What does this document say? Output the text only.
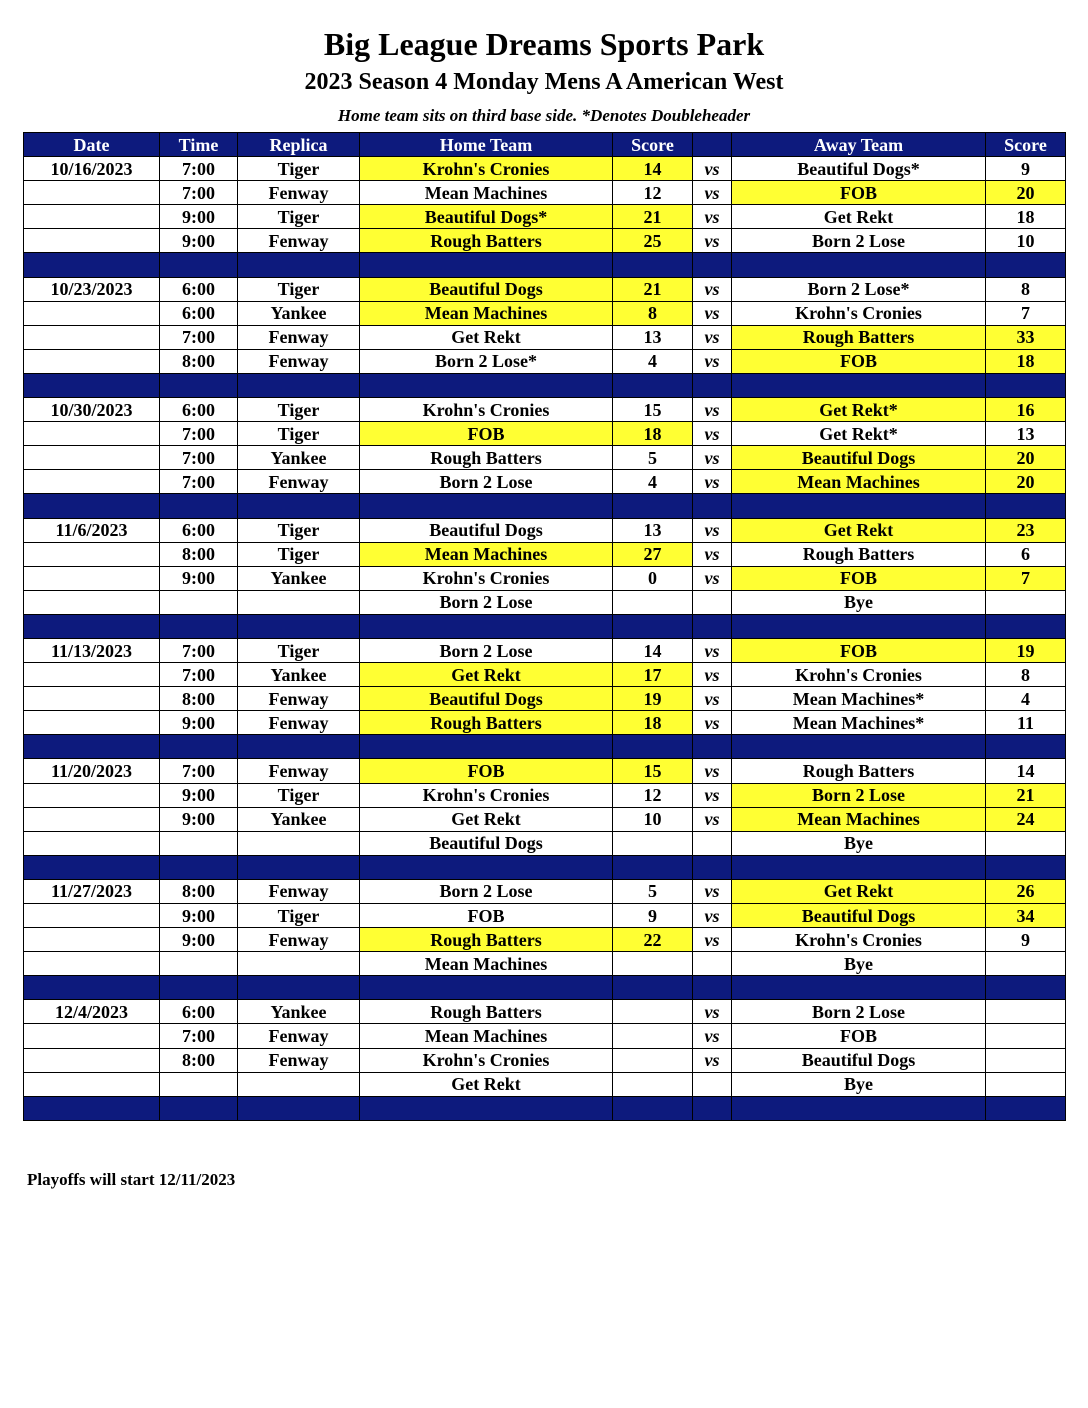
Big League Dreams Sports Park
2023 Season 4 Monday Mens A American West
Home team sits on third base side. *Denotes Doubleheader
Date	Time	Replica	Home Team	Score		Away Team	Score
10/16/2023	7:00	Tiger	Krohn's Cronies	14	vs	Beautiful Dogs*	9
	7:00	Fenway	Mean Machines	12	vs	FOB	20
	9:00	Tiger	Beautiful Dogs*	21	vs	Get Rekt	18
	9:00	Fenway	Rough Batters	25	vs	Born 2 Lose	10

10/23/2023	6:00	Tiger	Beautiful Dogs	21	vs	Born 2 Lose*	8
	6:00	Yankee	Mean Machines	8	vs	Krohn's Cronies	7
	7:00	Fenway	Get Rekt	13	vs	Rough Batters	33
	8:00	Fenway	Born 2 Lose*	4	vs	FOB	18

10/30/2023	6:00	Tiger	Krohn's Cronies	15	vs	Get Rekt*	16
	7:00	Tiger	FOB	18	vs	Get Rekt*	13
	7:00	Yankee	Rough Batters	5	vs	Beautiful Dogs	20
	7:00	Fenway	Born 2 Lose	4	vs	Mean Machines	20

11/6/2023	6:00	Tiger	Beautiful Dogs	13	vs	Get Rekt	23
	8:00	Tiger	Mean Machines	27	vs	Rough Batters	6
	9:00	Yankee	Krohn's Cronies	0	vs	FOB	7
			Born 2 Lose			Bye	

11/13/2023	7:00	Tiger	Born 2 Lose	14	vs	FOB	19
	7:00	Yankee	Get Rekt	17	vs	Krohn's Cronies	8
	8:00	Fenway	Beautiful Dogs	19	vs	Mean Machines*	4
	9:00	Fenway	Rough Batters	18	vs	Mean Machines*	11

11/20/2023	7:00	Fenway	FOB	15	vs	Rough Batters	14
	9:00	Tiger	Krohn's Cronies	12	vs	Born 2 Lose	21
	9:00	Yankee	Get Rekt	10	vs	Mean Machines	24
			Beautiful Dogs			Bye	

11/27/2023	8:00	Fenway	Born 2 Lose	5	vs	Get Rekt	26
	9:00	Tiger	FOB	9	vs	Beautiful Dogs	34
	9:00	Fenway	Rough Batters	22	vs	Krohn's Cronies	9
			Mean Machines			Bye	

12/4/2023	6:00	Yankee	Rough Batters		vs	Born 2 Lose	
	7:00	Fenway	Mean Machines		vs	FOB	
	8:00	Fenway	Krohn's Cronies		vs	Beautiful Dogs	
			Get Rekt			Bye	

Playoffs will start 12/11/2023
